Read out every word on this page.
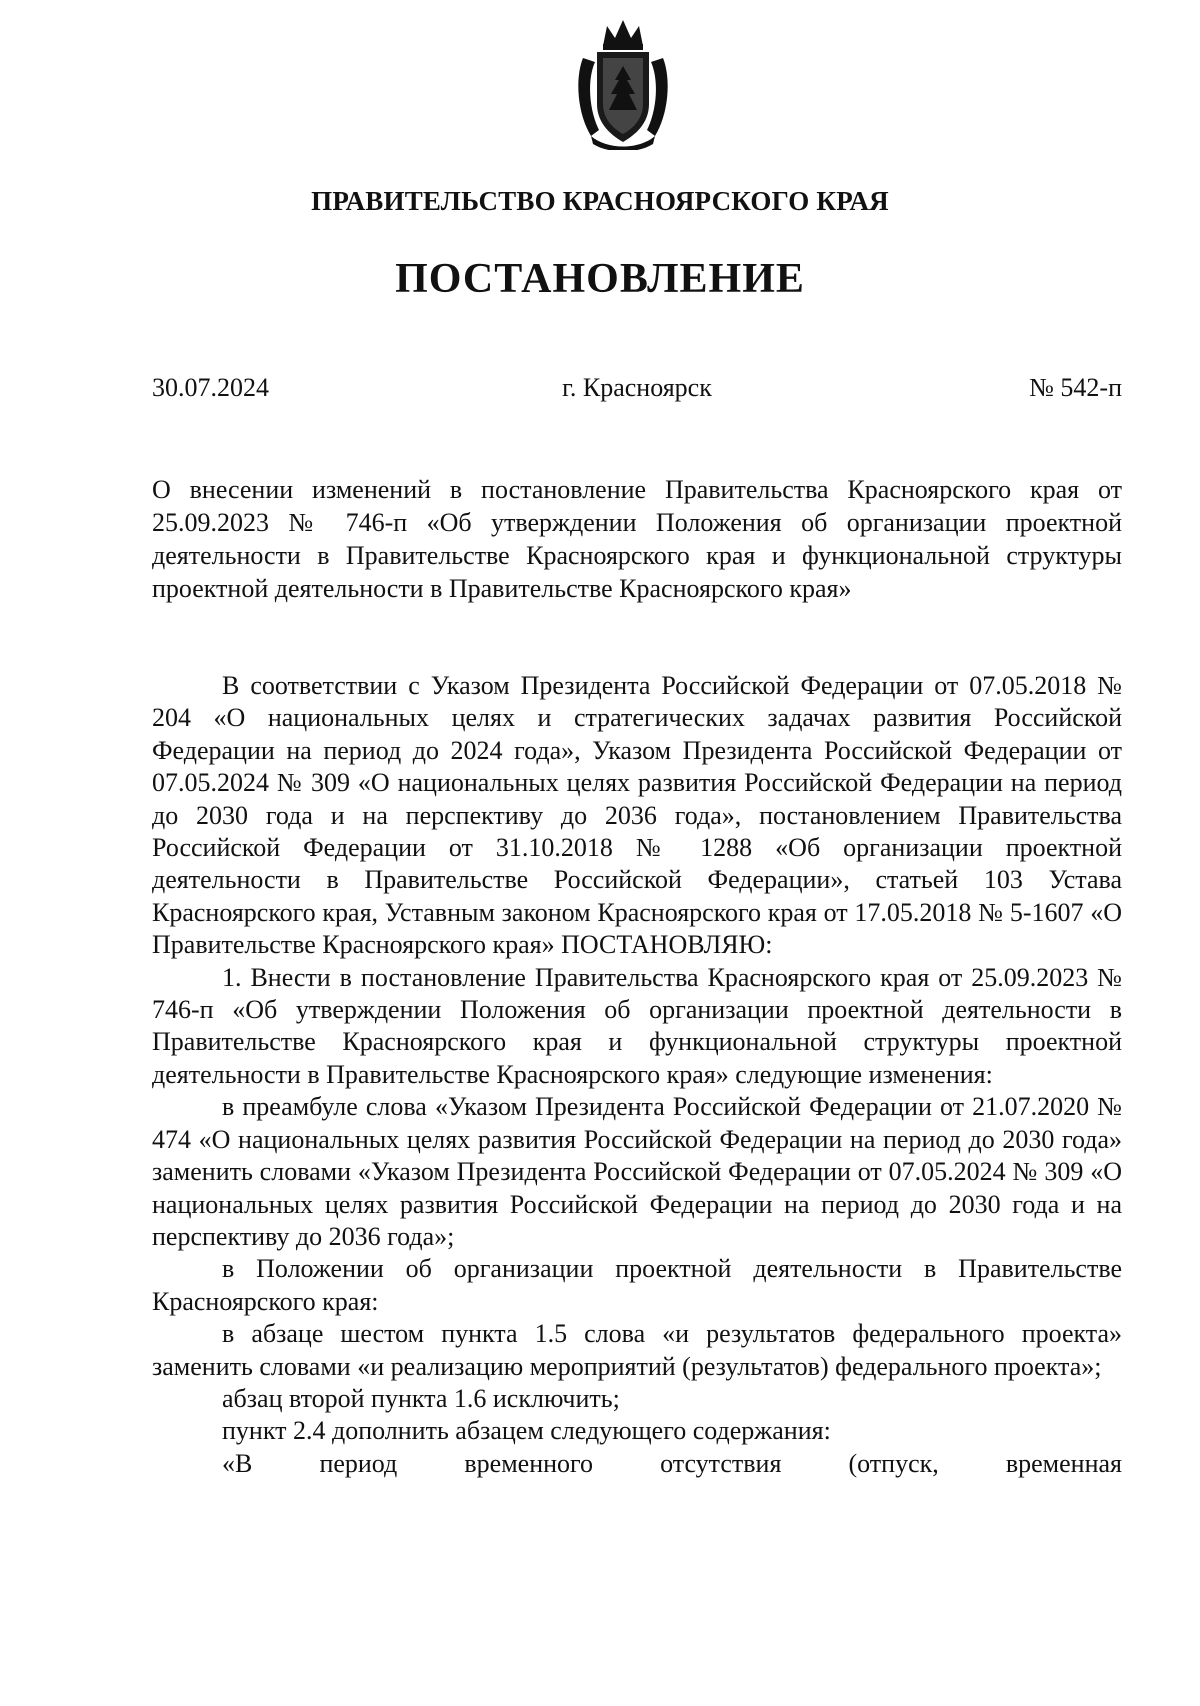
ПРАВИТЕЛЬСТВО КРАСНОЯРСКОГО КРАЯ
ПОСТАНОВЛЕНИЕ
30.07.2024	г. Красноярск	№ 542-п
О внесении изменений в постановление Правительства Красноярского края от 25.09.2023 № 746-п «Об утверждении Положения об организации проектной деятельности в Правительстве Красноярского края и функциональной структуры проектной деятельности в Правительстве Красноярского края»

В соответствии с Указом Президента Российской Федерации от 07.05.2018 № 204 «О национальных целях и стратегических задачах развития Российской Федерации на период до 2024 года», Указом Президента Российской Федерации от 07.05.2024 № 309 «О национальных целях развития Российской Федерации на период до 2030 года и на перспективу до 2036 года», постановлением Правительства Российской Федерации от 31.10.2018 № 1288 «Об организации проектной деятельности в Правительстве Российской Федерации», статьей 103 Устава Красноярского края, Уставным законом Красноярского края от 17.05.2018 № 5-1607 «О Правительстве Красноярского края» ПОСТАНОВЛЯЮ:

1. Внести в постановление Правительства Красноярского края от 25.09.2023 № 746-п «Об утверждении Положения об организации проектной деятельности в Правительстве Красноярского края и функциональной структуры проектной деятельности в Правительстве Красноярского края» следующие изменения:

в преамбуле слова «Указом Президента Российской Федерации от 21.07.2020 № 474 «О национальных целях развития Российской Федерации на период до 2030 года» заменить словами «Указом Президента Российской Федерации от 07.05.2024 № 309 «О национальных целях развития Российской Федерации на период до 2030 года и на перспективу до 2036 года»;

в Положении об организации проектной деятельности в Правительстве Красноярского края:

в абзаце шестом пункта 1.5 слова «и результатов федерального проекта» заменить словами «и реализацию мероприятий (результатов) федерального проекта»;

абзац второй пункта 1.6 исключить;

пункт 2.4 дополнить абзацем следующего содержания:

«В период временного отсутствия (отпуск, временная
